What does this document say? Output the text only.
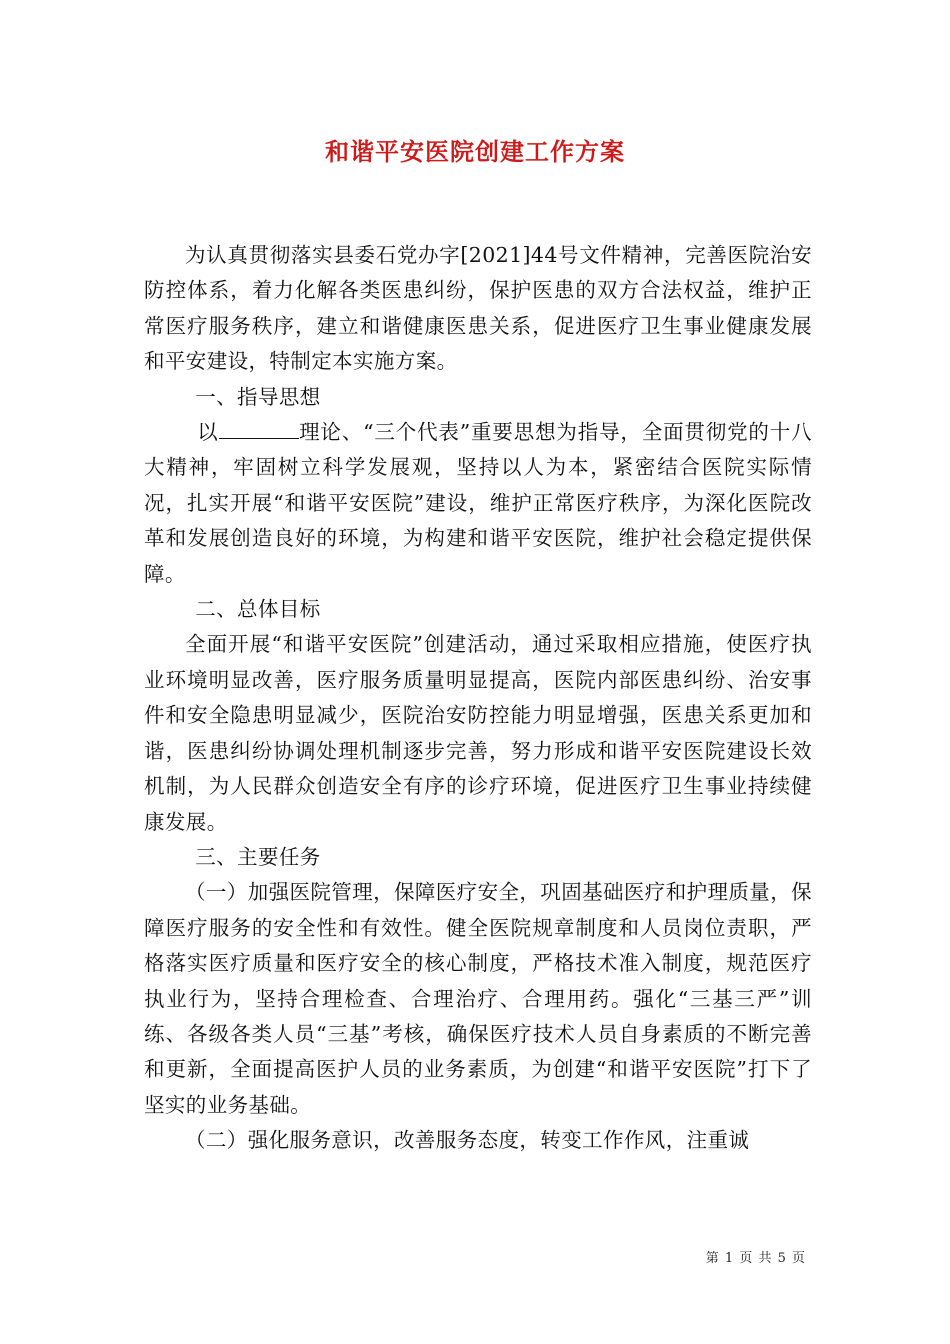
和谐平安医院创建工作方案

为认真贯彻落实县委石党办字[2021]44号文件精神，完善医院治安防控体系，着力化解各类医患纠纷，保护医患的双方合法权益，维护正常医疗服务秩序，建立和谐健康医患关系，促进医疗卫生事业健康发展和平安建设，特制定本实施方案。

一、指导思想

以	理论、“三个代表”重要思想为指导，全面贯彻党的十八大精神，牢固树立科学发展观，坚持以人为本，紧密结合医院实际情况，扎实开展“和谐平安医院”建设，维护正常医疗秩序，为深化医院改革和发展创造良好的环境，为构建和谐平安医院，维护社会稳定提供保障。

二、总体目标

全面开展“和谐平安医院”创建活动，通过采取相应措施，使医疗执业环境明显改善，医疗服务质量明显提高，医院内部医患纠纷、治安事件和安全隐患明显减少，医院治安防控能力明显增强，医患关系更加和谐，医患纠纷协调处理机制逐步完善，努力形成和谐平安医院建设长效机制，为人民群众创造安全有序的诊疗环境，促进医疗卫生事业持续健康发展。

三、主要任务

（一）加强医院管理，保障医疗安全，巩固基础医疗和护理质量，保障医疗服务的安全性和有效性。健全医院规章制度和人员岗位责职，严格落实医疗质量和医疗安全的核心制度，严格技术准入制度，规范医疗执业行为，坚持合理检查、合理治疗、合理用药。强化“三基三严”训练、各级各类人员“三基”考核，确保医疗技术人员自身素质的不断完善和更新，全面提高医护人员的业务素质，为创建“和谐平安医院”打下了坚实的业务基础。

（二）强化服务意识，改善服务态度，转变工作作风，注重诚

第 1 页 共 5 页
